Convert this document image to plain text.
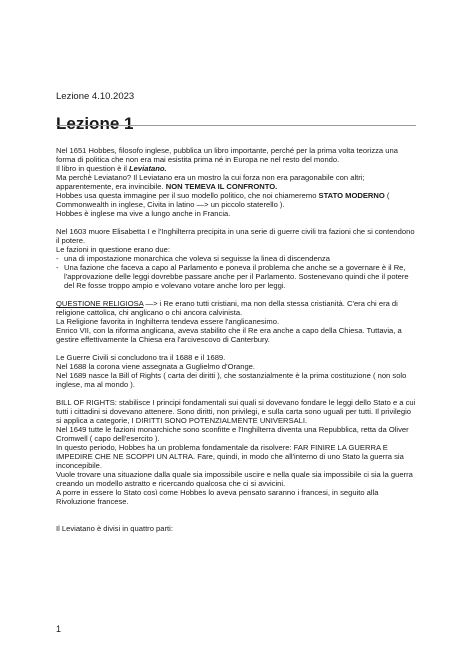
Lezione 4.10.2023
Lezione 1

Nel 1651 Hobbes, filosofo inglese, pubblica un libro importante, perché per la prima volta teorizza una forma di politica che non era mai esistita prima né in Europa ne nel resto del mondo.

Il libro in question è il Leviatano.

Ma perchè Leviatano? Il Leviatano era un mostro la cui forza non era paragonabile con altri; apparentemente, era invincibile. NON TEMEVA IL CONFRONTO.

Hobbes usa questa immagine per il suo modello politico, che noi chiameremo STATO MODERNO ( Commonwealth in inglese, Civita in latino —> un piccolo staterello ).

Hobbes è inglese ma vive a lungo anche in Francia.

Nel 1603 muore Elisabetta I e l'Inghilterra precipita in una serie di guerre civili tra fazioni che si contendono il potere.

Le fazioni in questione erano due:

- una di impostazione monarchica che voleva si seguisse la linea di discendenza
- Una fazione che faceva a capo al Parlamento e poneva il problema che anche se a governare è il Re, l'approvazione delle leggi dovrebbe passare anche per il Parlamento. Sostenevano quindi che il potere del Re fosse troppo ampio e volevano votare anche loro per leggi.

QUESTIONE RELIGIOSA —> i Re erano tutti cristiani, ma non della stessa cristianità. C'era chi era di religione cattolica, chi anglicano o chi ancora calvinista.

La Religione favorita in Inghilterra tendeva essere l'anglicanesimo.

Enrico VII, con la riforma anglicana, aveva stabilito che il Re era anche a capo della Chiesa. Tuttavia, a gestire effettivamente la Chiesa era l'arcivescovo di Canterbury.

Le Guerre Civili si concludono tra il 1688 e il 1689.

Nel 1688 la corona viene assegnata a Guglielmo d'Orange.

Nel 1689 nasce la Bill of Rights ( carta dei diritti ), che sostanzialmente è la prima costituzione ( non solo inglese, ma al mondo ).

BILL OF RIGHTS: stabilisce I principi fondamentali sui quali si dovevano fondare le leggi dello Stato e a cui tutti i cittadini si dovevano attenere. Sono diritti, non privilegi, e sulla carta sono uguali per tutti. Il privilegio si applica a categorie, I DIRITTI SONO POTENZIALMENTE UNIVERSALI.

Nel 1649 tutte le fazioni monarchiche sono sconfitte e l'Inghilterra diventa una Repubblica, retta da Oliver Cromwell ( capo dell'esercito ).

In questo periodo, Hobbes ha un problema fondamentale da risolvere: FAR FINIRE LA GUERRA E IMPEDIRE CHE NE SCOPPI UN ALTRA. Fare, quindi, in modo che all'interno di uno Stato la guerra sia inconcepibile.

Vuole trovare una situazione dalla quale sia impossibile uscire e nella quale sia impossibile ci sia la guerra creando un modello astratto e ricercando qualcosa che ci si avvicini.

A porre in essere lo Stato così come Hobbes lo aveva pensato saranno i francesi, in seguito alla Rivoluzione francese.

Il Leviatano è divisi in quattro parti:

1
